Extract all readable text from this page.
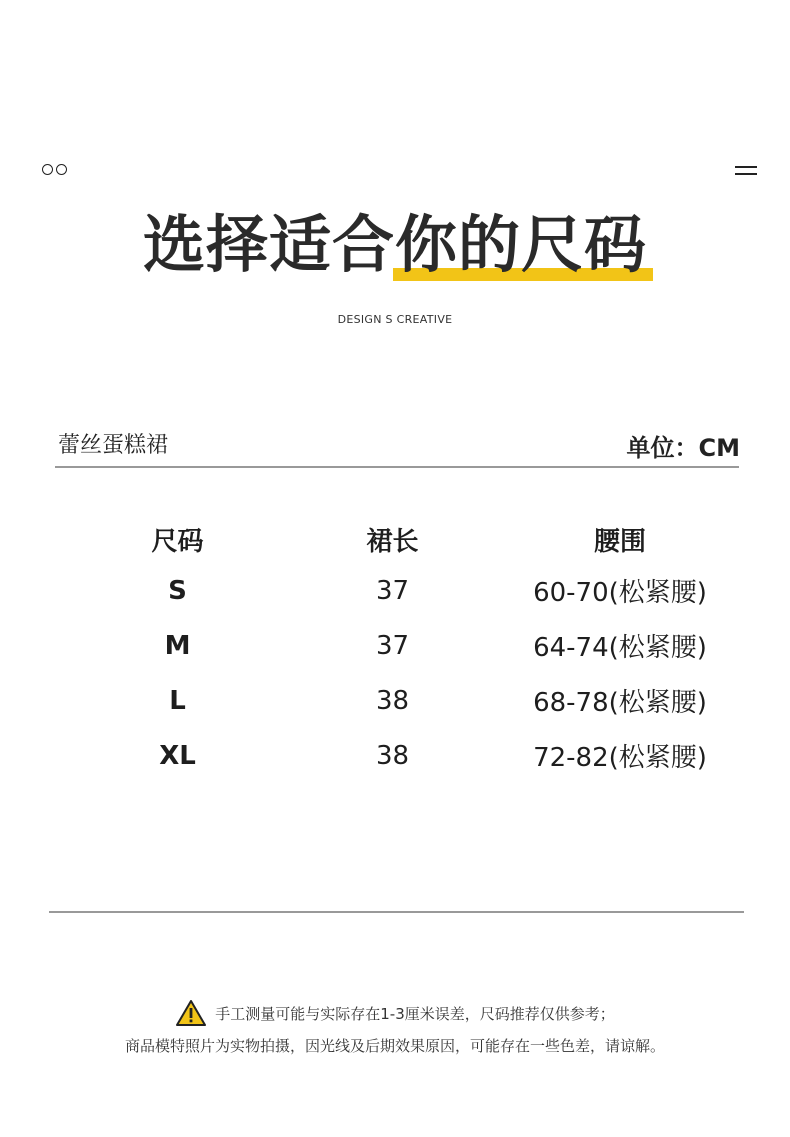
选择适合你的尺码
DESIGN S CREATIVE
蕾丝蛋糕裙	单位：CM
尺码	裙长	腰围
S	37	60-70(松紧腰)
M	37	64-74(松紧腰)
L	38	68-78(松紧腰)
XL	38	72-82(松紧腰)
手工测量可能与实际存在1-3厘米误差，尺码推荐仅供参考；
商品模特照片为实物拍摄，因光线及后期效果原因，可能存在一些色差，请谅解。
